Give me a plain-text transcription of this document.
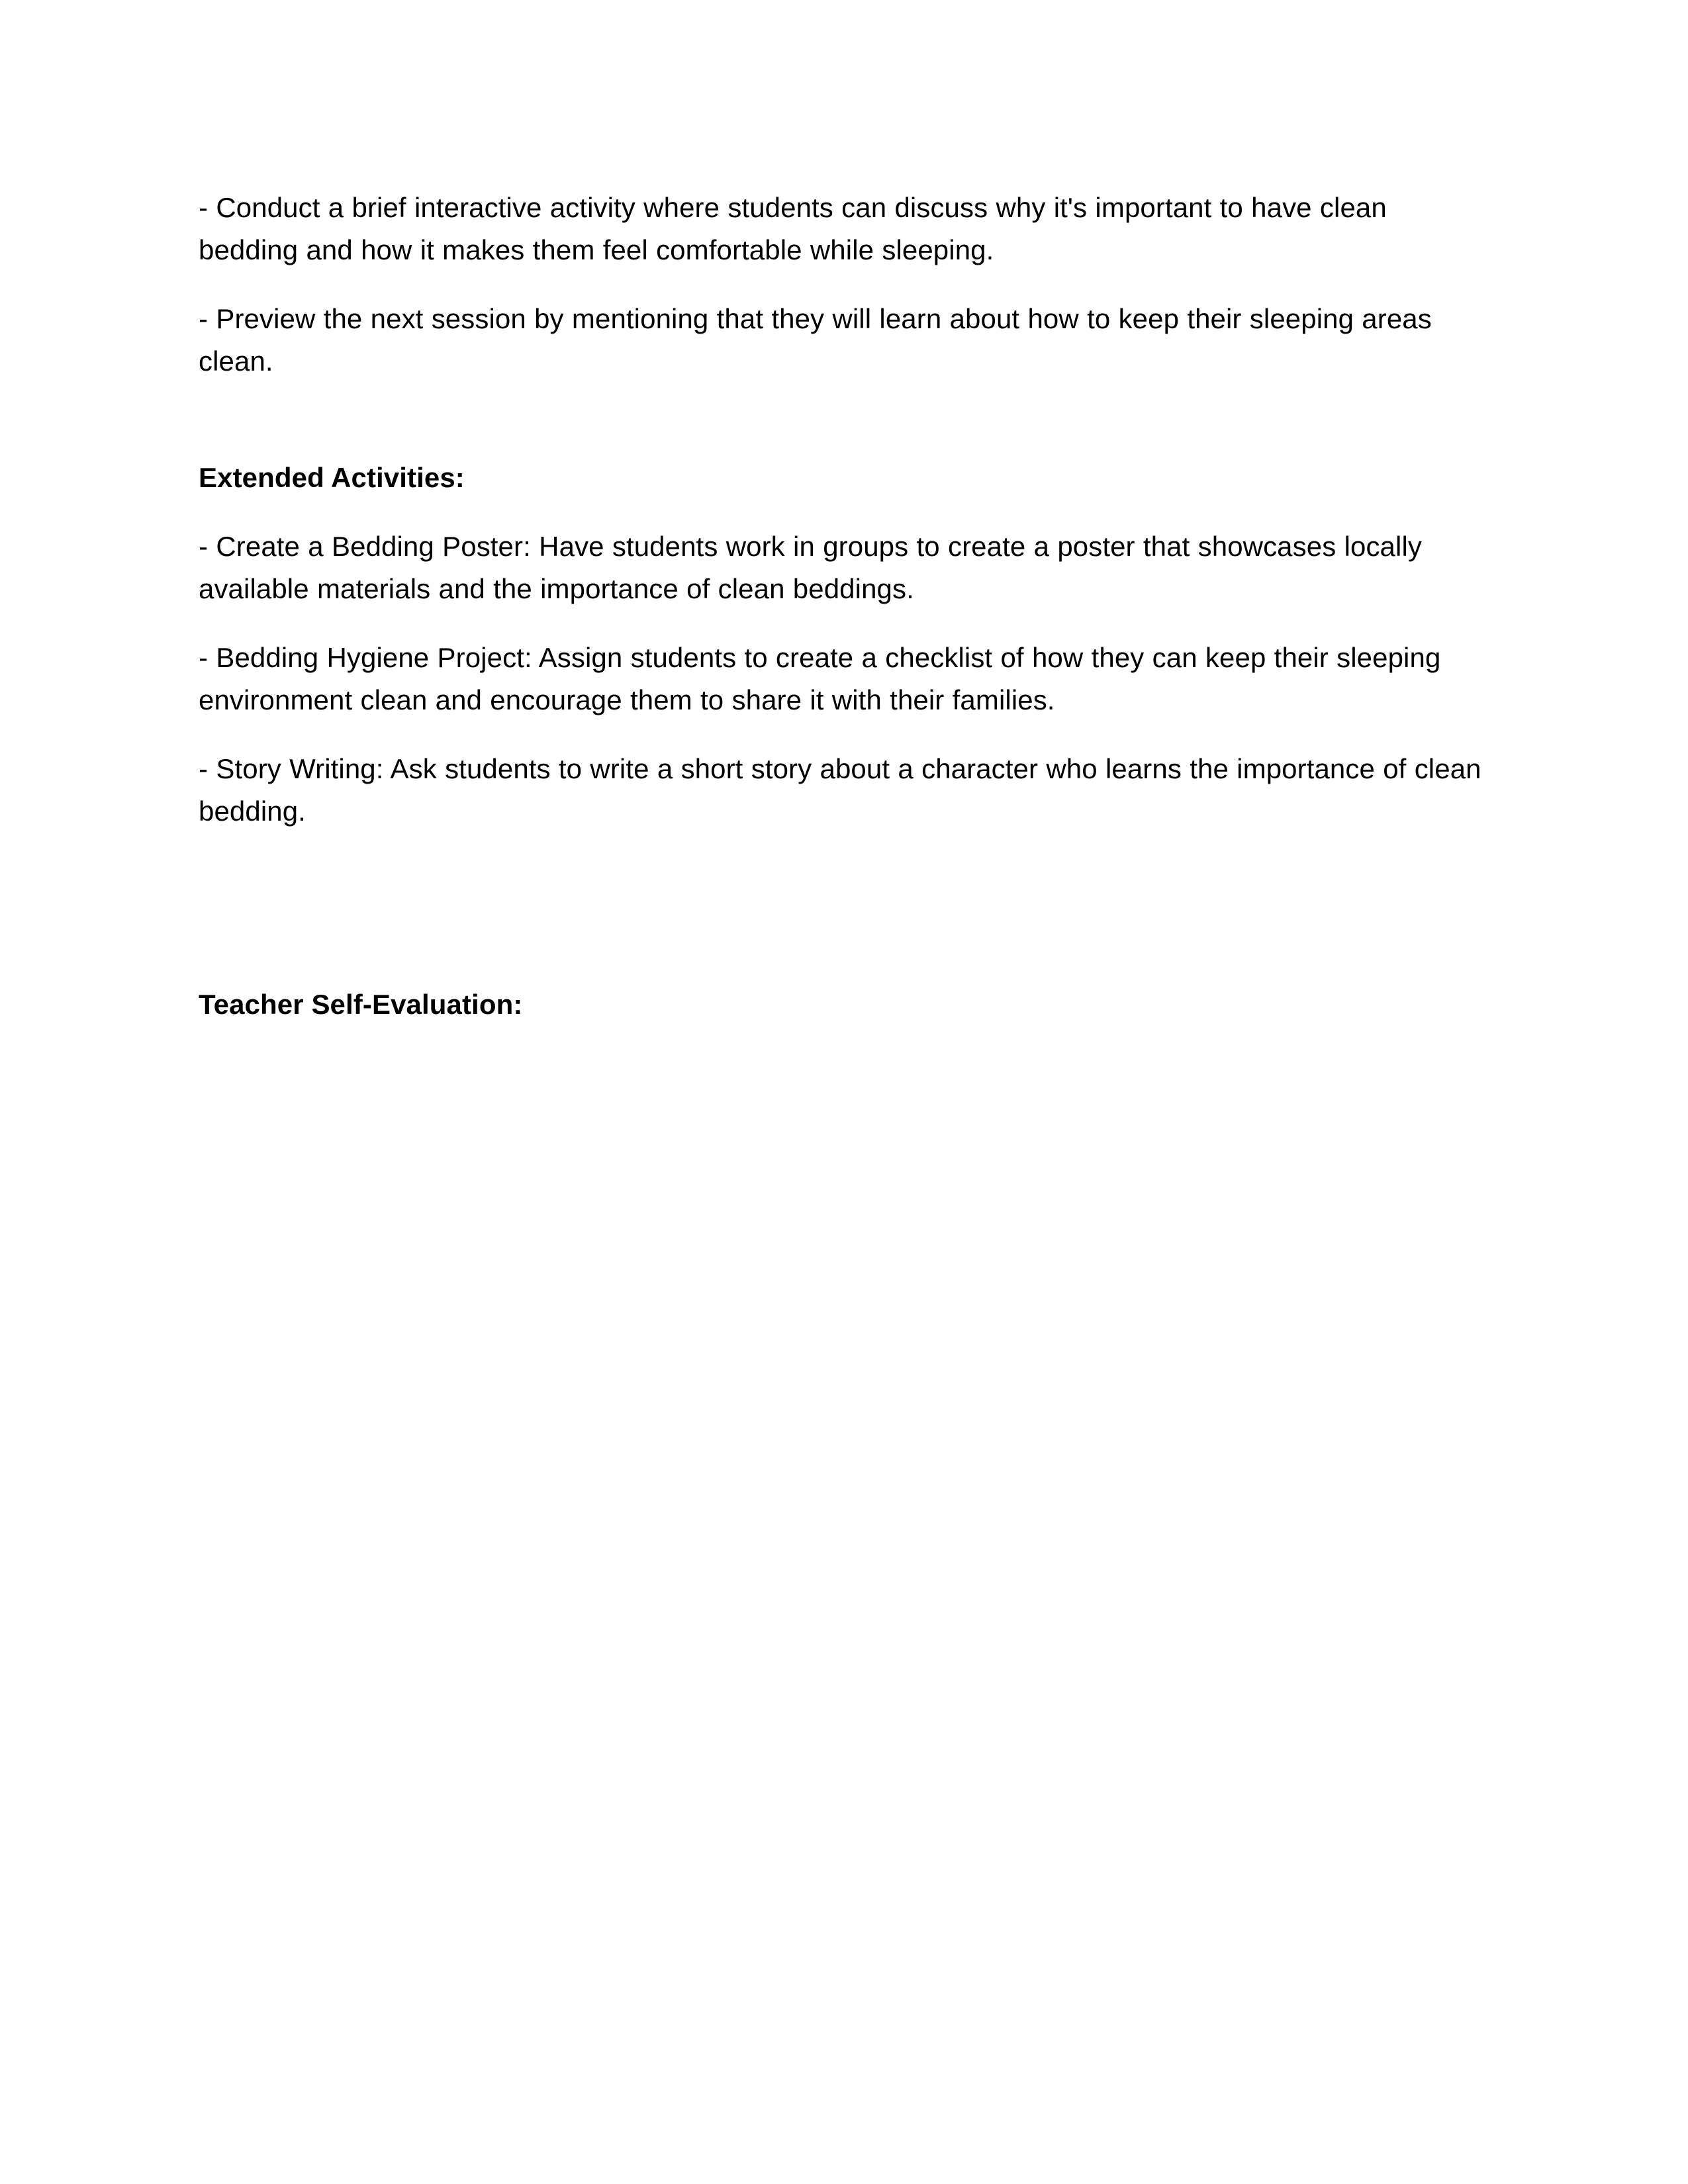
- Conduct a brief interactive activity where students can discuss why it's important to have clean bedding and how it makes them feel comfortable while sleeping.

- Preview the next session by mentioning that they will learn about how to keep their sleeping areas clean.

Extended Activities:

- Create a Bedding Poster: Have students work in groups to create a poster that showcases locally available materials and the importance of clean beddings.

- Bedding Hygiene Project: Assign students to create a checklist of how they can keep their sleeping environment clean and encourage them to share it with their families.

- Story Writing: Ask students to write a short story about a character who learns the importance of clean bedding.

Teacher Self-Evaluation:
